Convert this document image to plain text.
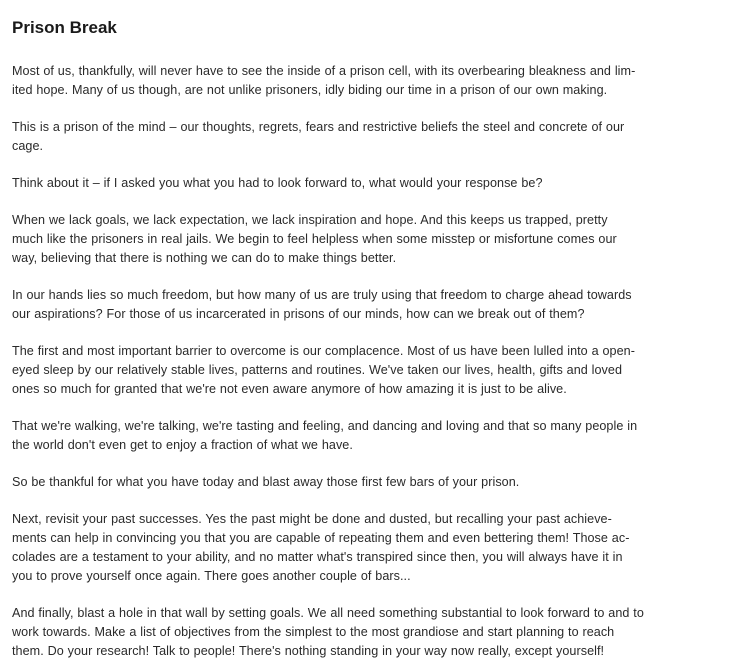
Prison Break
Most of us, thankfully, will never have to see the inside of a prison cell, with its overbearing bleakness and lim-
ited hope. Many of us though, are not unlike prisoners, idly biding our time in a prison of our own making.
This is a prison of the mind – our thoughts, regrets, fears and restrictive beliefs the steel and concrete of our
cage.
Think about it – if I asked you what you had to look forward to, what would your response be?
When we lack goals, we lack expectation, we lack inspiration and hope. And this keeps us trapped, pretty
much like the prisoners in real jails. We begin to feel helpless when some misstep or misfortune comes our
way, believing that there is nothing we can do to make things better.
In our hands lies so much freedom, but how many of us are truly using that freedom to charge ahead towards
our aspirations? For those of us incarcerated in prisons of our minds, how can we break out of them?
The first and most important barrier to overcome is our complacence. Most of us have been lulled into a open-
eyed sleep by our relatively stable lives, patterns and routines. We've taken our lives, health, gifts and loved
ones so much for granted that we're not even aware anymore of how amazing it is just to be alive.
That we're walking, we're talking, we're tasting and feeling, and dancing and loving and that so many people in
the world don't even get to enjoy a fraction of what we have.
So be thankful for what you have today and blast away those first few bars of your prison.
Next, revisit your past successes. Yes the past might be done and dusted, but recalling your past achieve-
ments can help in convincing you that you are capable of repeating them and even bettering them! Those ac-
colades are a testament to your ability, and no matter what's transpired since then, you will always have it in
you to prove yourself once again. There goes another couple of bars...
And finally, blast a hole in that wall by setting goals. We all need something substantial to look forward to and to
work towards. Make a list of objectives from the simplest to the most grandiose and start planning to reach
them. Do your research! Talk to people! There's nothing standing in your way now really, except yourself!
